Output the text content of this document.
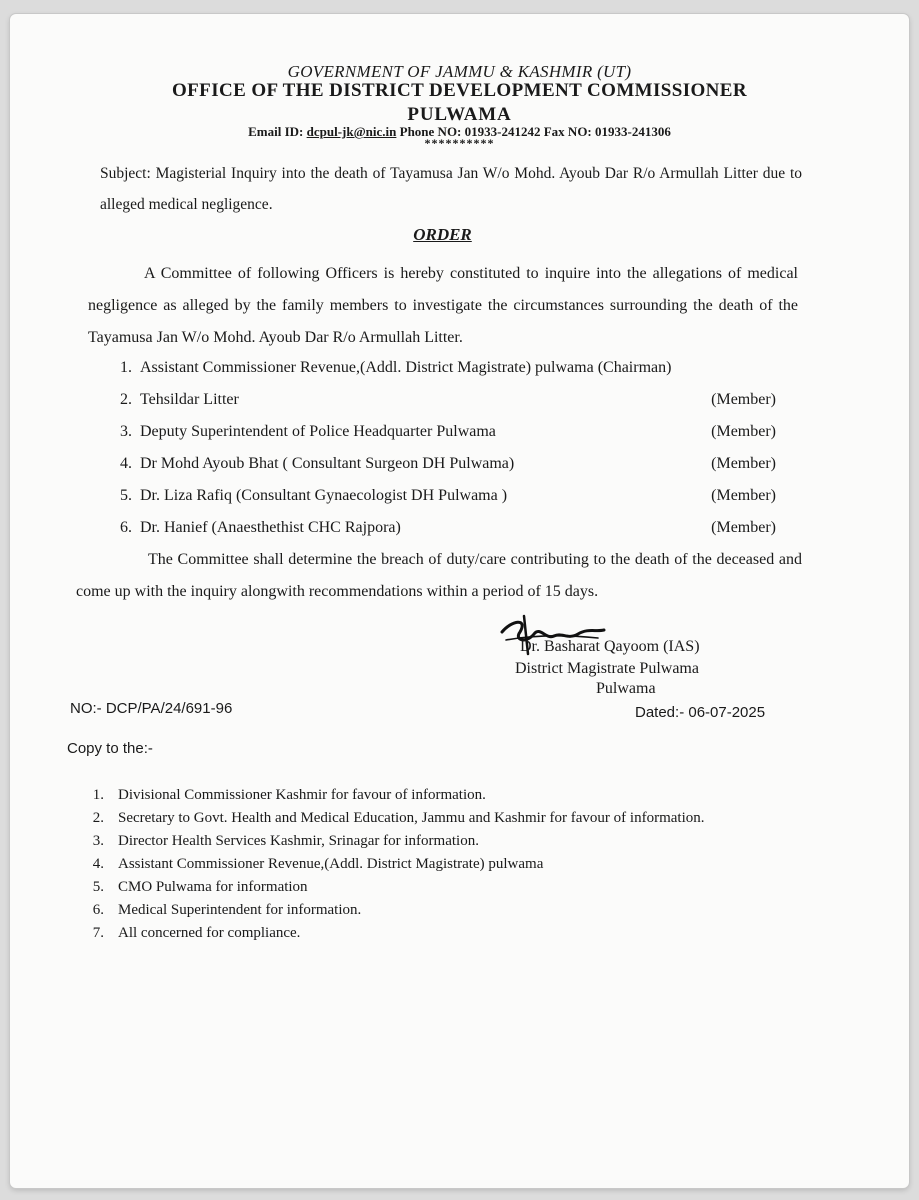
GOVERNMENT OF JAMMU & KASHMIR (UT)
OFFICE OF THE DISTRICT DEVELOPMENT COMMISSIONER
PULWAMA
Email ID: dcpul-jk@nic.in Phone NO: 01933-241242 Fax NO: 01933-241306
**********
Subject: Magisterial Inquiry into the death of Tayamusa Jan W/o Mohd. Ayoub Dar R/o Armullah Litter due to alleged medical negligence.
ORDER
A Committee of following Officers is hereby constituted to inquire into the allegations of medical negligence as alleged by the family members to investigate the circumstances surrounding the death of the Tayamusa Jan W/o Mohd. Ayoub Dar R/o Armullah Litter.
1. Assistant Commissioner Revenue,(Addl. District Magistrate) pulwama (Chairman)
2. Tehsildar Litter	(Member)
3. Deputy Superintendent of Police Headquarter Pulwama	(Member)
4. Dr Mohd Ayoub Bhat ( Consultant Surgeon DH Pulwama)	(Member)
5. Dr. Liza Rafiq (Consultant Gynaecologist DH Pulwama )	(Member)
6. Dr. Hanief (Anaesthethist CHC Rajpora)	(Member)
The Committee shall determine the breach of duty/care contributing to the death of the deceased and come up with the inquiry alongwith recommendations within a period of 15 days.
Dr. Basharat Qayoom (IAS)
District Magistrate Pulwama
Pulwama
NO:- DCP/PA/24/691-96	Dated:- 06-07-2025
Copy to the:-
1. Divisional Commissioner Kashmir for favour of information.
2. Secretary to Govt. Health and Medical Education, Jammu and Kashmir for favour of information.
3. Director Health Services Kashmir, Srinagar for information.
4. Assistant Commissioner Revenue,(Addl. District Magistrate) pulwama
5. CMO Pulwama for information
6. Medical Superintendent for information.
7. All concerned for compliance.
